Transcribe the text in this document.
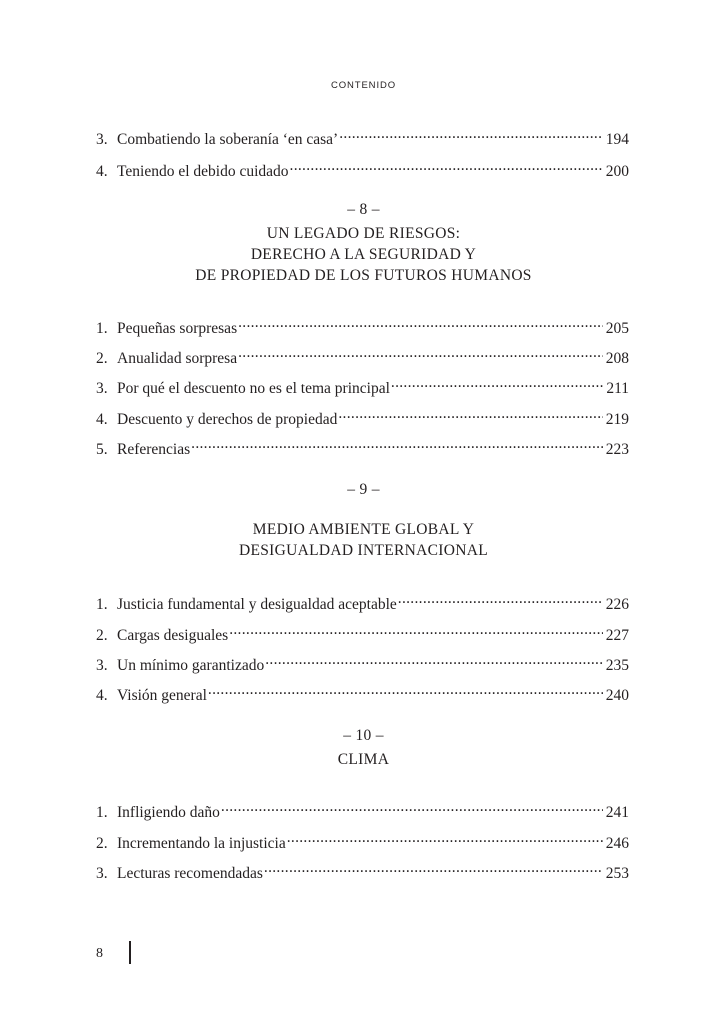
CONTENIDO
3. Combatiendo la soberanía ‘en casa’ .....	194
4. Teniendo el debido cuidado .....	200
– 8 –
UN LEGADO DE RIESGOS:
DERECHO A LA SEGURIDAD Y
DE PROPIEDAD DE LOS FUTUROS HUMANOS
1. Pequeñas sorpresas .....	205
2. Anualidad sorpresa .....	208
3. Por qué el descuento no es el tema principal .....	211
4. Descuento y derechos de propiedad .....	219
5. Referencias .....	223
– 9 –
MEDIO AMBIENTE GLOBAL Y
DESIGUALDAD INTERNACIONAL
1. Justicia fundamental y desigualdad aceptable .....	226
2. Cargas desiguales .....	227
3. Un mínimo garantizado .....	235
4. Visión general .....	240
– 10 –
CLIMA
1. Infligiendo daño .....	241
2. Incrementando la injusticia .....	246
3. Lecturas recomendadas .....	253
8
